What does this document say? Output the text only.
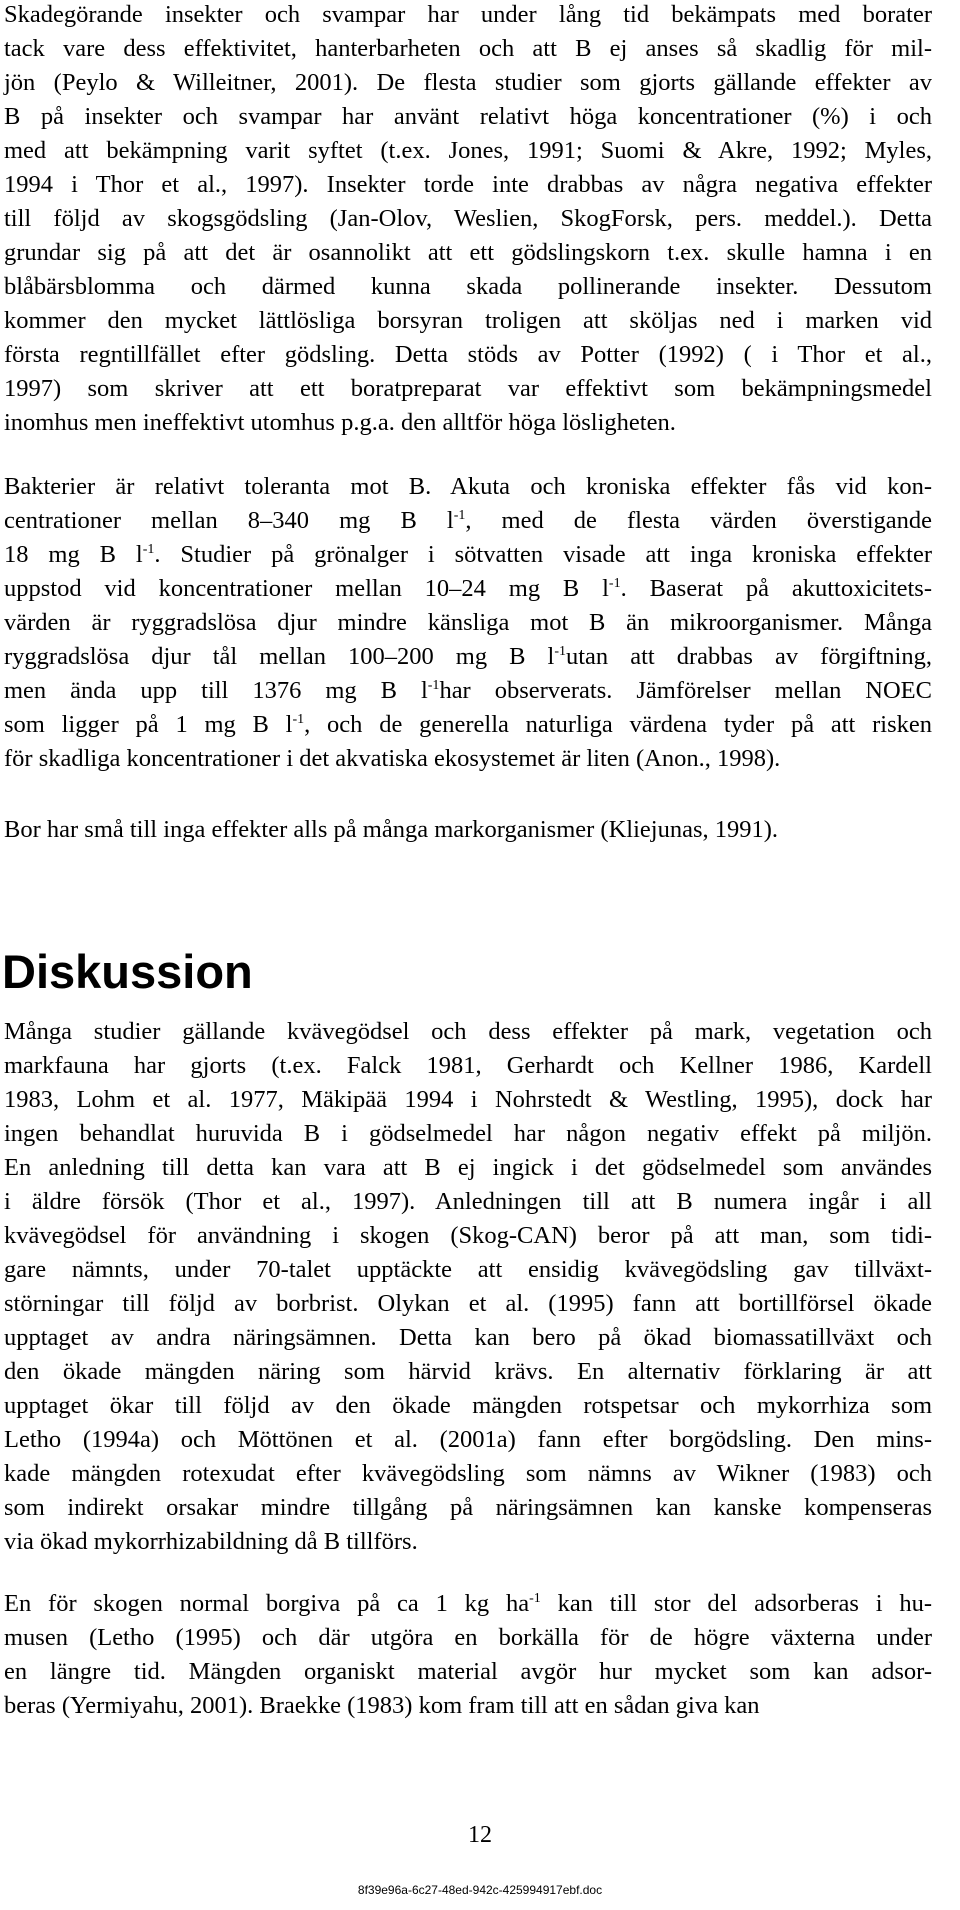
Skadegörande insekter och svampar har under lång tid bekämpats med borater
tack vare dess effektivitet, hanterbarheten och att B ej anses så skadlig för mil-
jön (Peylo & Willeitner, 2001). De flesta studier som gjorts gällande effekter av
B på insekter och svampar har använt relativt höga koncentrationer (%) i och
med att bekämpning varit syftet (t.ex. Jones, 1991; Suomi & Akre, 1992; Myles,
1994 i Thor et al., 1997). Insekter torde inte drabbas av några negativa effekter
till följd av skogsgödsling (Jan-Olov, Weslien, SkogForsk, pers. meddel.). Detta
grundar sig på att det är osannolikt att ett gödslingskorn t.ex. skulle hamna i en
blåbärsblomma och därmed kunna skada pollinerande insekter. Dessutom
kommer den mycket lättlösliga borsyran troligen att sköljas ned i marken vid
första regntillfället efter gödsling. Detta stöds av Potter (1992) ( i Thor et al.,
1997) som skriver att ett boratpreparat var effektivt som bekämpningsmedel
inomhus men ineffektivt utomhus p.g.a. den alltför höga lösligheten.
Bakterier är relativt toleranta mot B. Akuta och kroniska effekter fås vid kon-
centrationer mellan 8–340 mg B $l^{-1}$, med de flesta värden överstigande
18 mg B $l^{-1}$. Studier på grönalger i sötvatten visade att inga kroniska effekter
uppstod vid koncentrationer mellan 10–24 mg B $l^{-1}$. Baserat på akuttoxicitets-
värden är ryggradslösa djur mindre känsliga mot B än mikroorganismer. Många
ryggradslösa djur tål mellan 100–200 mg B $l^{-1}utan$ att drabbas av förgiftning,
men ända upp till 1376 mg B $l^{-1}har$ observerats. Jämförelser mellan NOEC
som ligger på 1 mg B $l^{-1}$, och de generella naturliga värdena tyder på att risken
för skadliga koncentrationer i det akvatiska ekosystemet är liten (Anon., 1998).
Bor har små till inga effekter alls på många markorganismer (Kliejunas, 1991).
Diskussion
Många studier gällande kvävegödsel och dess effekter på mark, vegetation och
markfauna har gjorts (t.ex. Falck 1981, Gerhardt och Kellner 1986, Kardell
1983, Lohm et al. 1977, Mäkipää 1994 i Nohrstedt & Westling, 1995), dock har
ingen behandlat huruvida B i gödselmedel har någon negativ effekt på miljön.
En anledning till detta kan vara att B ej ingick i det gödselmedel som användes
i äldre försök (Thor et al., 1997). Anledningen till att B numera ingår i all
kvävegödsel för användning i skogen (Skog-CAN) beror på att man, som tidi-
gare nämnts, under 70-talet upptäckte att ensidig kvävegödsling gav tillväxt-
störningar till följd av borbrist. Olykan et al. (1995) fann att bortillförsel ökade
upptaget av andra näringsämnen. Detta kan bero på ökad biomassatillväxt och
den ökade mängden näring som härvid krävs. En alternativ förklaring är att
upptaget ökar till följd av den ökade mängden rotspetsar och mykorrhiza som
Letho (1994a) och Möttönen et al. (2001a) fann efter borgödsling. Den mins-
kade mängden rotexudat efter kvävegödsling som nämns av Wikner (1983) och
som indirekt orsakar mindre tillgång på näringsämnen kan kanske kompenseras
via ökad mykorrhizabildning då B tillförs.
En för skogen normal borgiva på ca 1 kg $ha^{-1}$ kan till stor del adsorberas i hu-
musen (Letho (1995) och där utgöra en borkälla för de högre växterna under
en längre tid. Mängden organiskt material avgör hur mycket som kan adsor-
beras (Yermiyahu, 2001). Braekke (1983) kom fram till att en sådan giva kan
12
8f39e96a-6c27-48ed-942c-425994917ebf.doc
